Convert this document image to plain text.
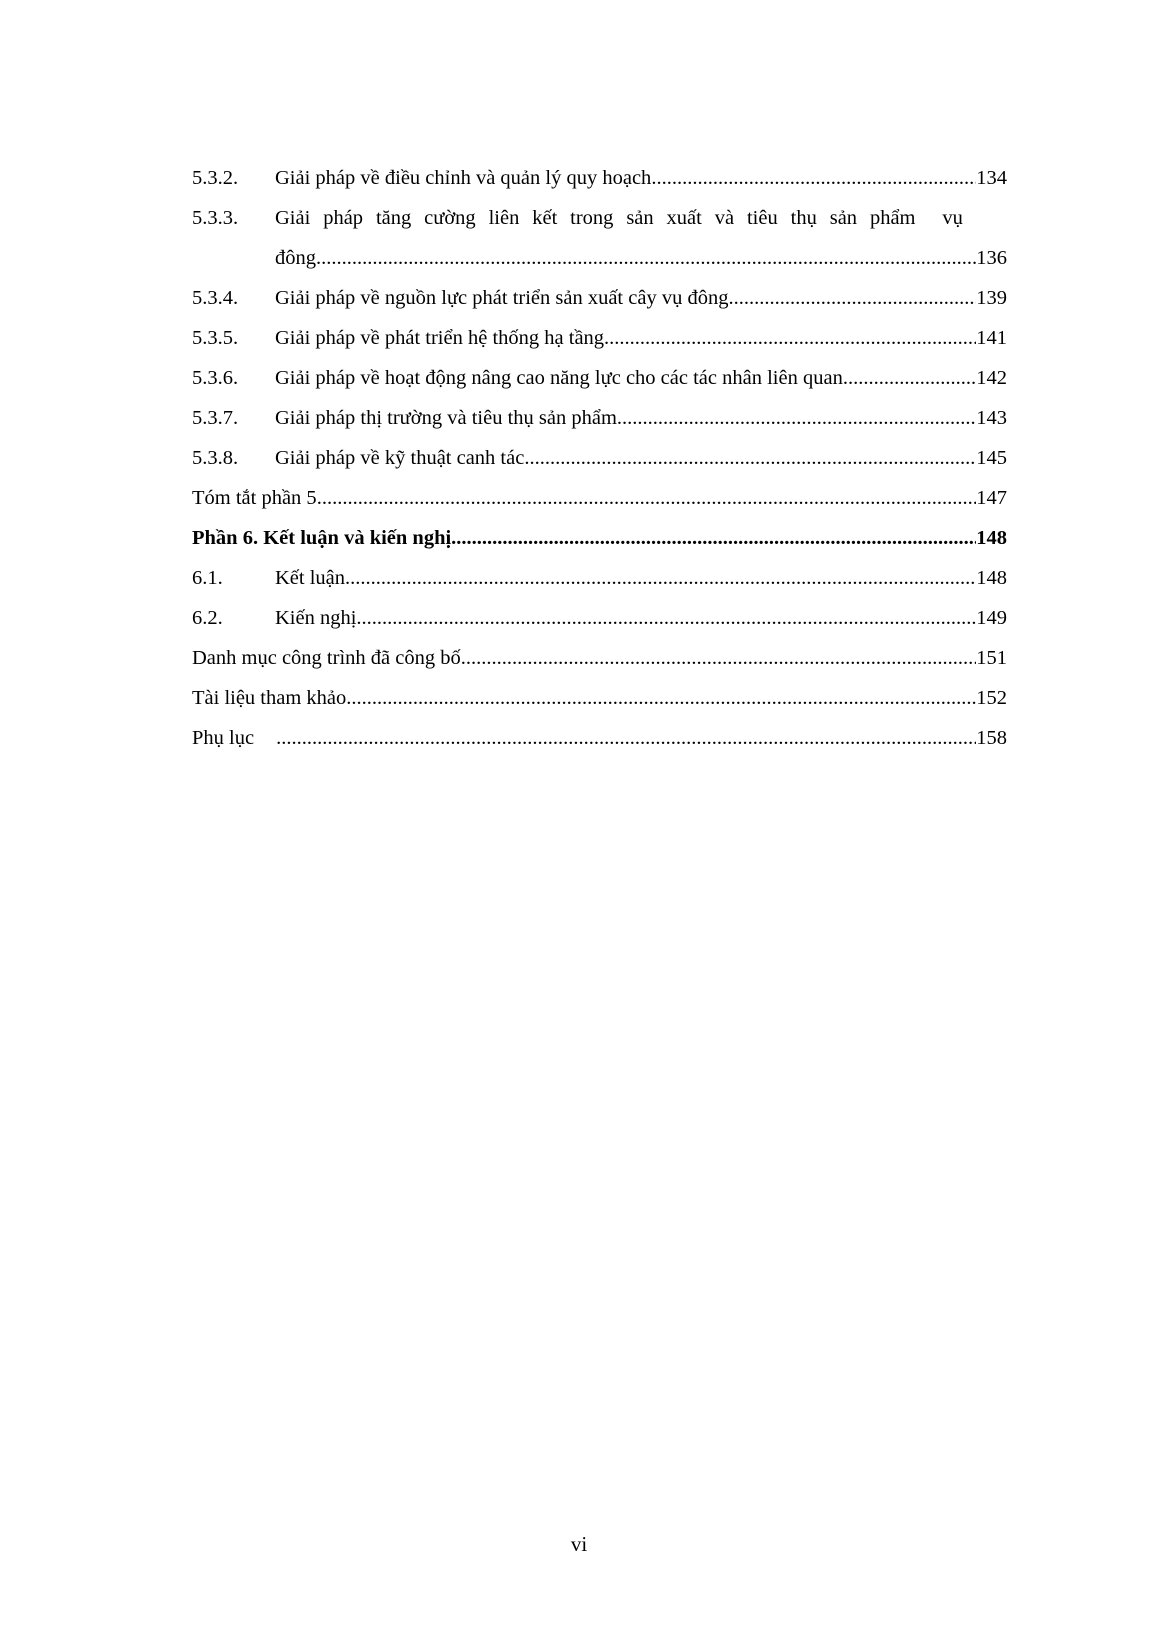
5.3.2.	Giải pháp về điều chỉnh và quản lý quy hoạch .....	134
5.3.3.	Giải pháp tăng cường liên kết trong sản xuất và tiêu thụ sản phẩm vụ
đông .....	136
5.3.4.	Giải pháp về nguồn lực phát triển sản xuất cây vụ đông .....	139
5.3.5.	Giải pháp về phát triển hệ thống hạ tầng .....	141
5.3.6.	Giải pháp về hoạt động nâng cao năng lực cho các tác nhân liên quan .....	142
5.3.7.	Giải pháp thị trường và tiêu thụ sản phẩm .....	143
5.3.8.	Giải pháp về kỹ thuật canh tác .....	145
Tóm tắt phần 5 .....	147
Phần 6. Kết luận và kiến nghị .....	148
6.1.	Kết luận .....	148
6.2.	Kiến nghị .....	149
Danh mục công trình đã công bố .....	151
Tài liệu tham khảo .....	152
Phụ lục .....	158
vi
